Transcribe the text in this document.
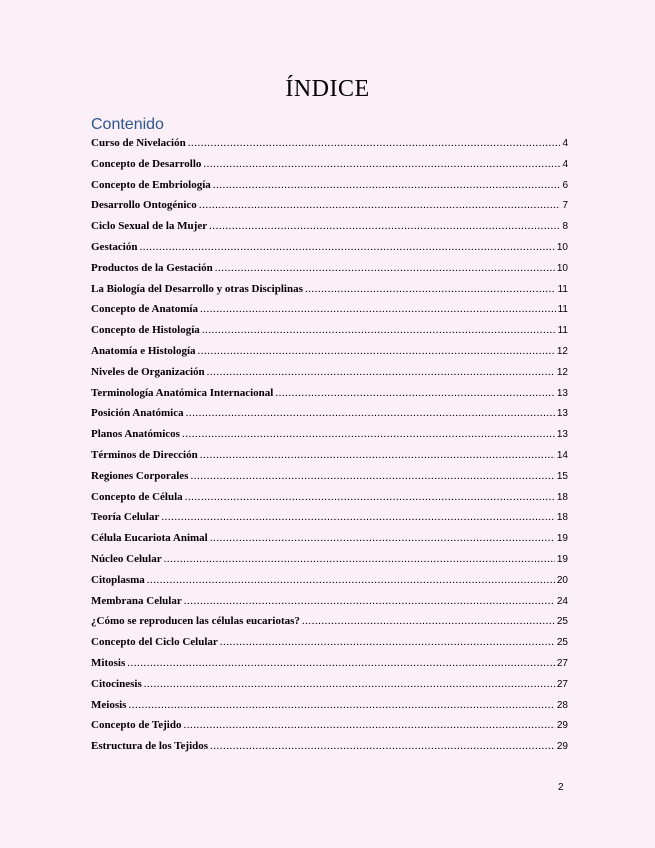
ÍNDICE
Contenido
Curso de Nivelación .....	4
Concepto de Desarrollo .....	4
Concepto de Embriología .....	6
Desarrollo Ontogénico .....	7
Ciclo Sexual de la Mujer .....	8
Gestación .....	10
Productos de la Gestación .....	10
La Biología del Desarrollo y otras Disciplinas .....	11
Concepto de Anatomía .....	11
Concepto de Histología .....	11
Anatomía e Histología .....	12
Niveles de Organización .....	12
Terminología Anatómica Internacional .....	13
Posición Anatómica .....	13
Planos Anatómicos .....	13
Términos de Dirección .....	14
Regiones Corporales .....	15
Concepto de Célula .....	18
Teoría Celular .....	18
Célula Eucariota Animal .....	19
Núcleo Celular .....	19
Citoplasma .....	20
Membrana Celular .....	24
¿Cómo se reproducen las células eucariotas? .....	25
Concepto del Ciclo Celular .....	25
Mitosis .....	27
Citocinesis .....	27
Meiosis .....	28
Concepto de Tejido .....	29
Estructura de los Tejidos .....	29
2
